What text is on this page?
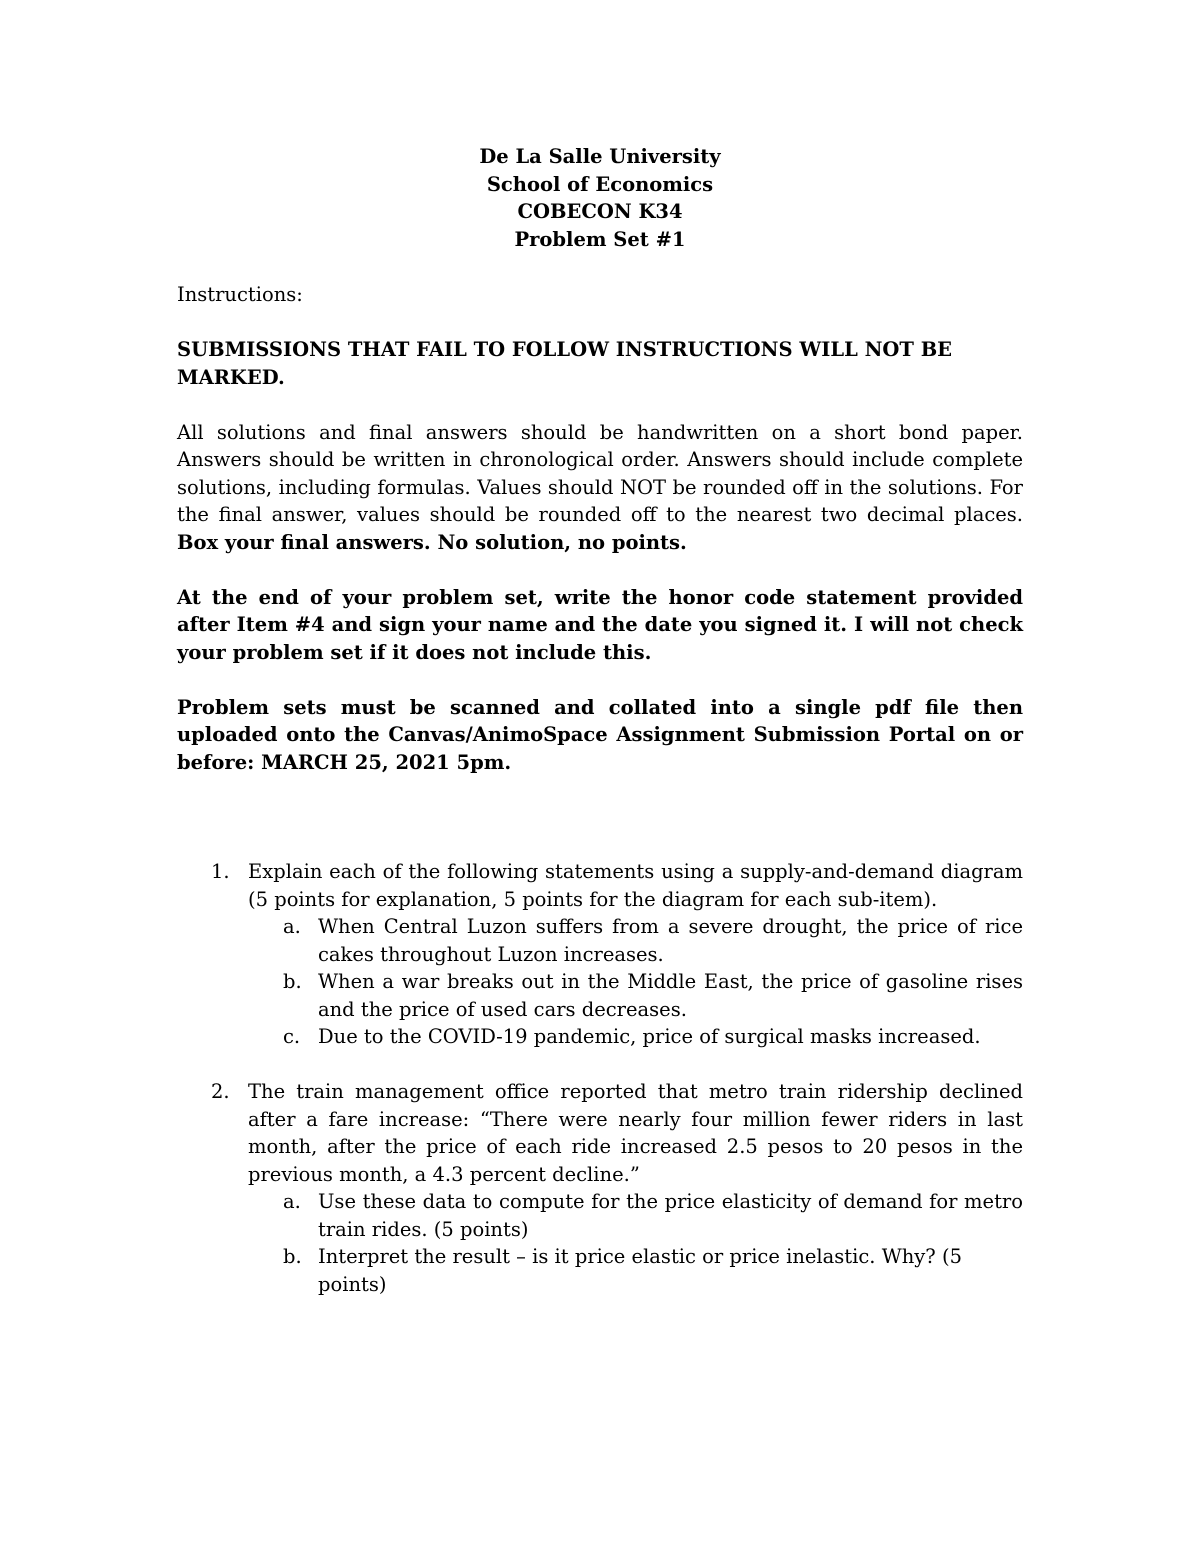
De La Salle University

School of Economics

COBECON K34

Problem Set #1

Instructions:

SUBMISSIONS THAT FAIL TO FOLLOW INSTRUCTIONS WILL NOT BE MARKED.

All solutions and final answers should be handwritten on a short bond paper. Answers should be written in chronological order. Answers should include complete solutions, including formulas. Values should NOT be rounded off in the solutions. For the final answer, values should be rounded off to the nearest two decimal places. Box your final answers. No solution, no points.

At the end of your problem set, write the honor code statement provided after Item #4 and sign your name and the date you signed it. I will not check your problem set if it does not include this.

Problem sets must be scanned and collated into a single pdf file then uploaded onto the Canvas/AnimoSpace Assignment Submission Portal on or before: MARCH 25, 2021 5pm.

1. Explain each of the following statements using a supply-and-demand diagram (5 points for explanation, 5 points for the diagram for each sub-item).
a. When Central Luzon suffers from a severe drought, the price of rice cakes throughout Luzon increases.
b. When a war breaks out in the Middle East, the price of gasoline rises and the price of used cars decreases.
c. Due to the COVID-19 pandemic, price of surgical masks increased.
2. The train management office reported that metro train ridership declined after a fare increase: “There were nearly four million fewer riders in last month, after the price of each ride increased 2.5 pesos to 20 pesos in the previous month, a 4.3 percent decline.”
a. Use these data to compute for the price elasticity of demand for metro train rides. (5 points)
b. Interpret the result – is it price elastic or price inelastic. Why? (5 points)
